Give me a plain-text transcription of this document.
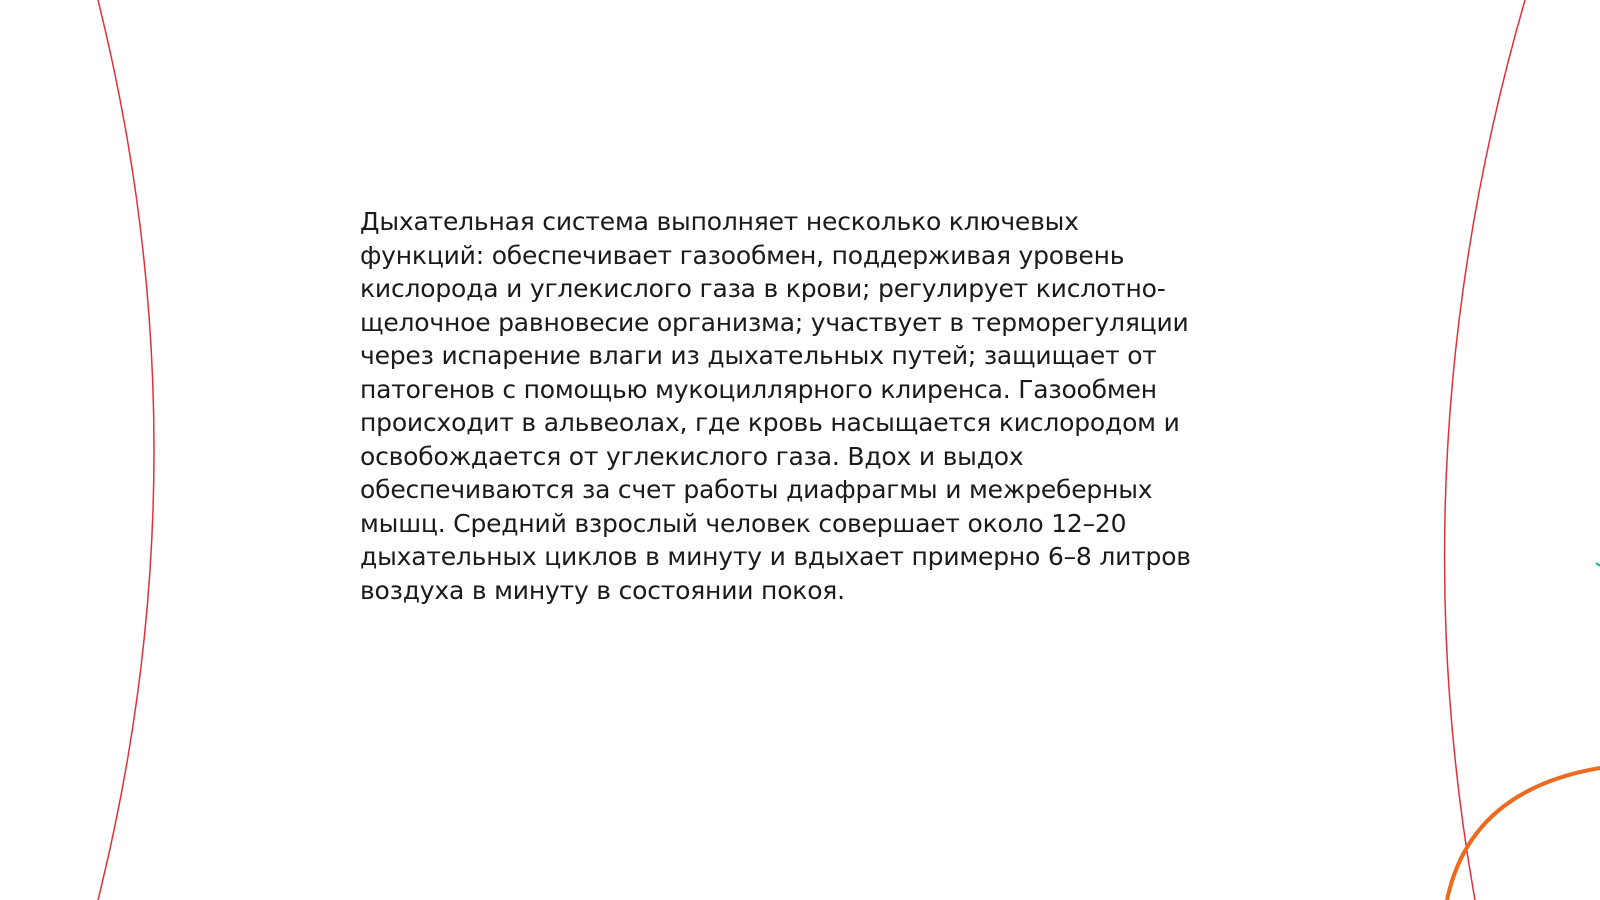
Дыхательная система выполняет несколько ключевых
функций: обеспечивает газообмен, поддерживая уровень
кислорода и углекислого газа в крови; регулирует кислотно-
щелочное равновесие организма; участвует в терморегуляции
через испарение влаги из дыхательных путей; защищает от
патогенов с помощью мукоциллярного клиренса. Газообмен
происходит в альвеолах, где кровь насыщается кислородом и
освобождается от углекислого газа. Вдох и выдох
обеспечиваются за счет работы диафрагмы и межреберных
мышц. Средний взрослый человек совершает около 12–20
дыхательных циклов в минуту и вдыхает примерно 6–8 литров
воздуха в минуту в состоянии покоя.
